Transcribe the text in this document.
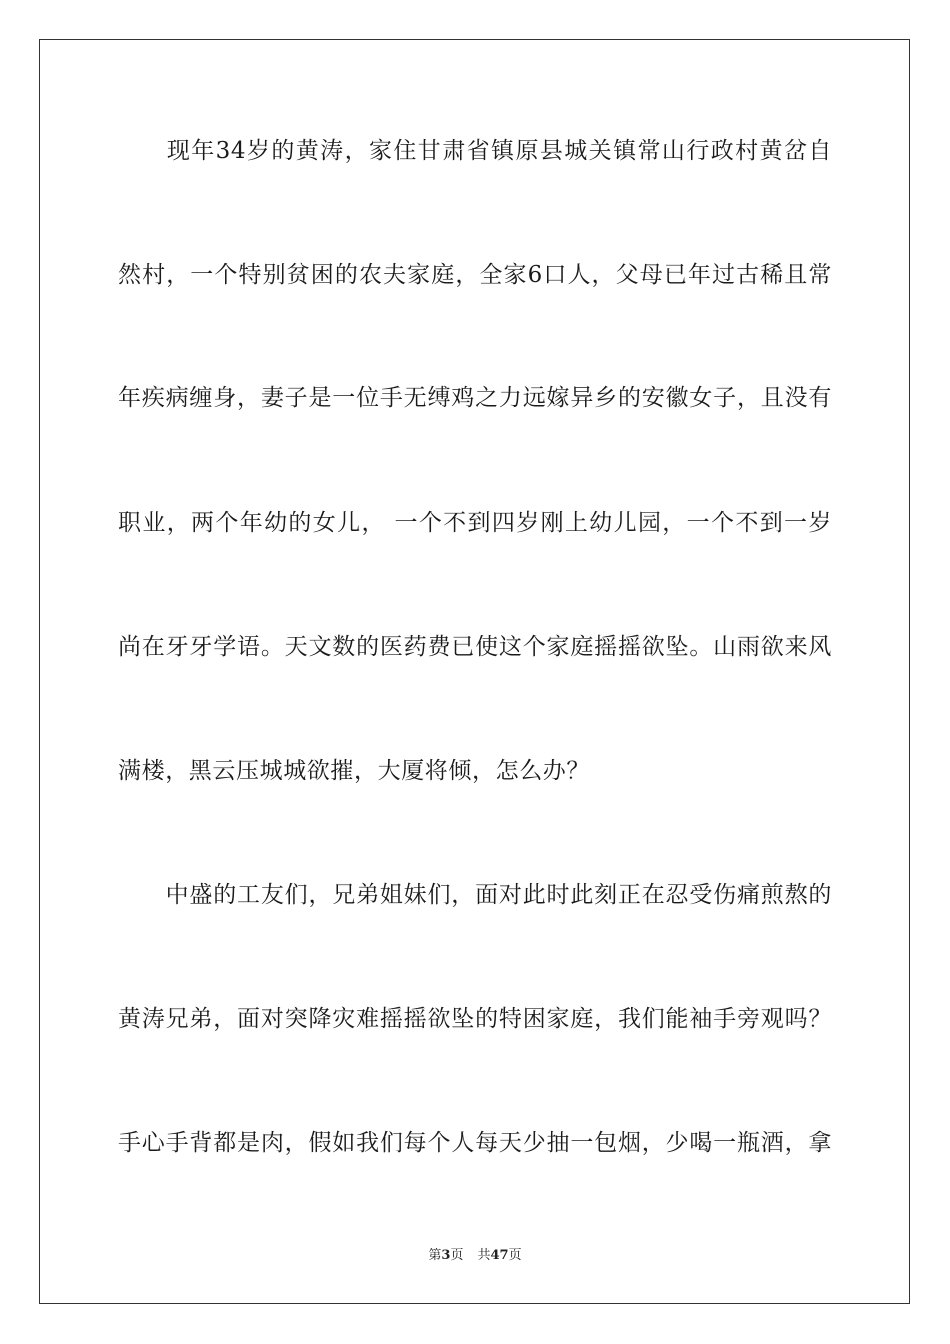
　　现年34岁的黄涛，家住甘肃省镇原县城关镇常山行政村黄岔自
然村，一个特别贫困的农夫家庭，全家6口人，父母已年过古稀且常
年疾病缠身，妻子是一位手无缚鸡之力远嫁异乡的安徽女子，且没有
职业，两个年幼的女儿， 一个不到四岁刚上幼儿园，一个不到一岁
尚在牙牙学语。天文数的医药费已使这个家庭摇摇欲坠。山雨欲来风
满楼，黑云压城城欲摧，大厦将倾，怎么办？
　　中盛的工友们，兄弟姐妹们，面对此时此刻正在忍受伤痛煎熬的
黄涛兄弟，面对突降灾难摇摇欲坠的特困家庭，我们能袖手旁观吗？
手心手背都是肉，假如我们每个人每天少抽一包烟，少喝一瓶酒，拿
第3页 共47页
